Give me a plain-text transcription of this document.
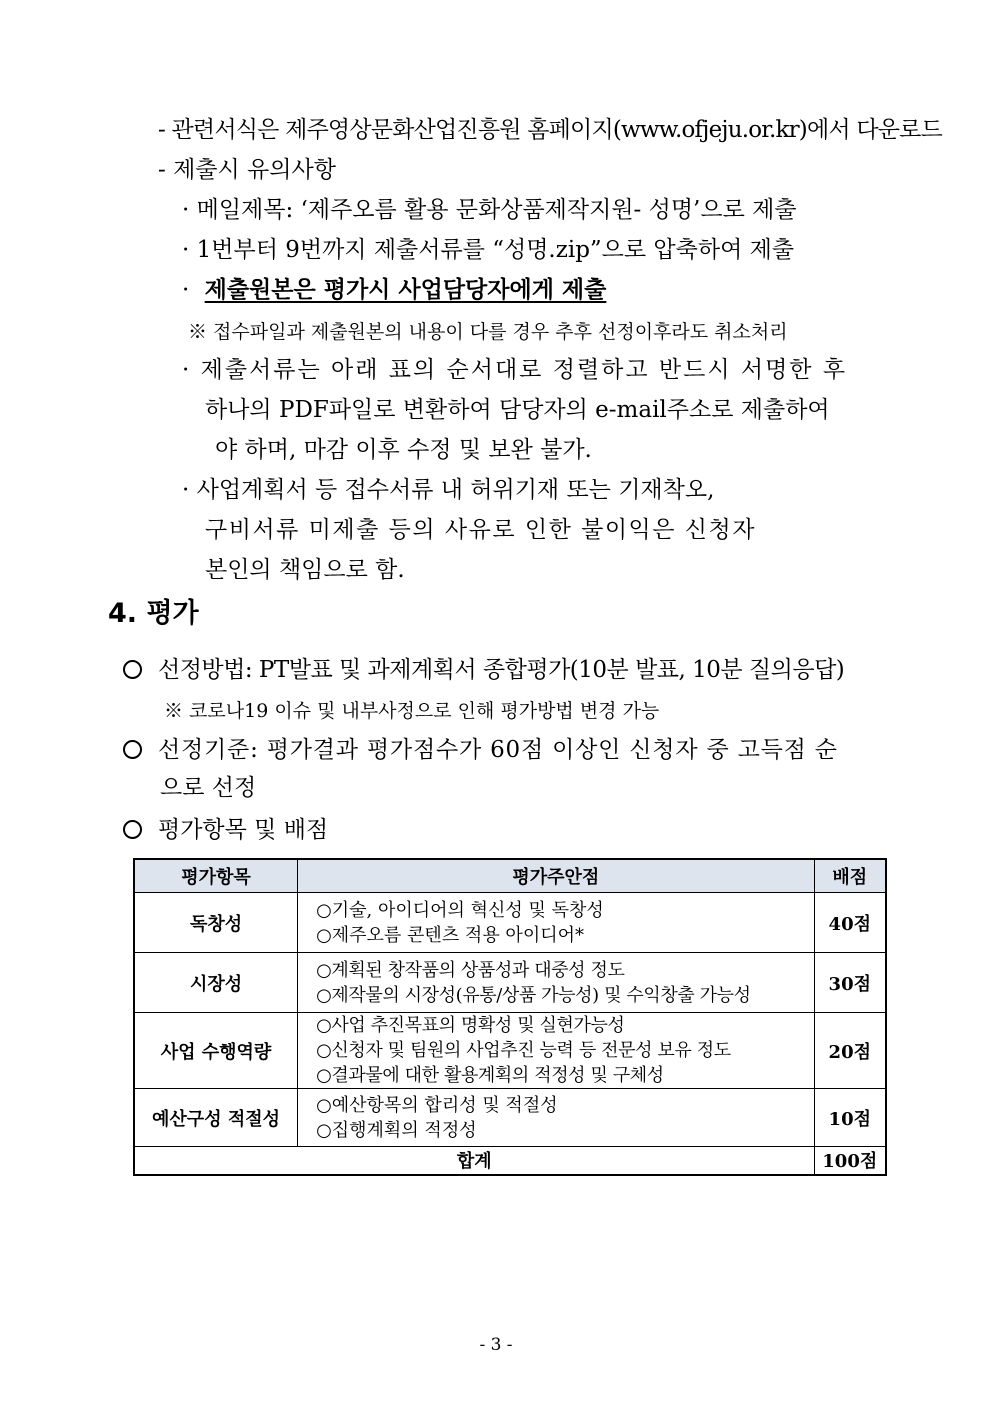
- 관련서식은 제주영상문화산업진흥원 홈페이지(www.ofjeju.or.kr)에서 다운로드
- 제출시 유의사항
· 메일제목: ‘제주오름 활용 문화상품제작지원- 성명’으로 제출
· 1번부터 9번까지 제출서류를 “성명.zip”으로 압축하여 제출
· 제출원본은 평가시 사업담당자에게 제출
※ 접수파일과 제출원본의 내용이 다를 경우 추후 선정이후라도 취소처리
· 제출서류는 아래 표의 순서대로 정렬하고 반드시 서명한 후
하나의 PDF파일로 변환하여 담당자의 e-mail주소로 제출하여
야 하며, 마감 이후 수정 및 보완 불가.
· 사업계획서 등 접수서류 내 허위기재 또는 기재착오,
구비서류 미제출 등의 사유로 인한 불이익은 신청자
본인의 책임으로 함.
4. 평가
선정방법: PT발표 및 과제계획서 종합평가(10분 발표, 10분 질의응답)
※ 코로나19 이슈 및 내부사정으로 인해 평가방법 변경 가능
선정기준: 평가결과 평가점수가 60점 이상인 신청자 중 고득점 순
으로 선정
평가항목 및 배점
평가항목	평가주안점	배점
독창성	○기술, 아이디어의 혁신성 및 독창성
○제주오름 콘텐츠 적용 아이디어*	40점
시장성	○계획된 창작품의 상품성과 대중성 정도
○제작물의 시장성(유통/상품 가능성) 및 수익창출 가능성	30점
사업 수행역량	○사업 추진목표의 명확성 및 실현가능성
○신청자 및 팀원의 사업추진 능력 등 전문성 보유 정도
○결과물에 대한 활용계획의 적정성 및 구체성	20점
예산구성 적절성	○예산항목의 합리성 및 적절성
○집행계획의 적정성	10점
합계		100점
- 3 -
